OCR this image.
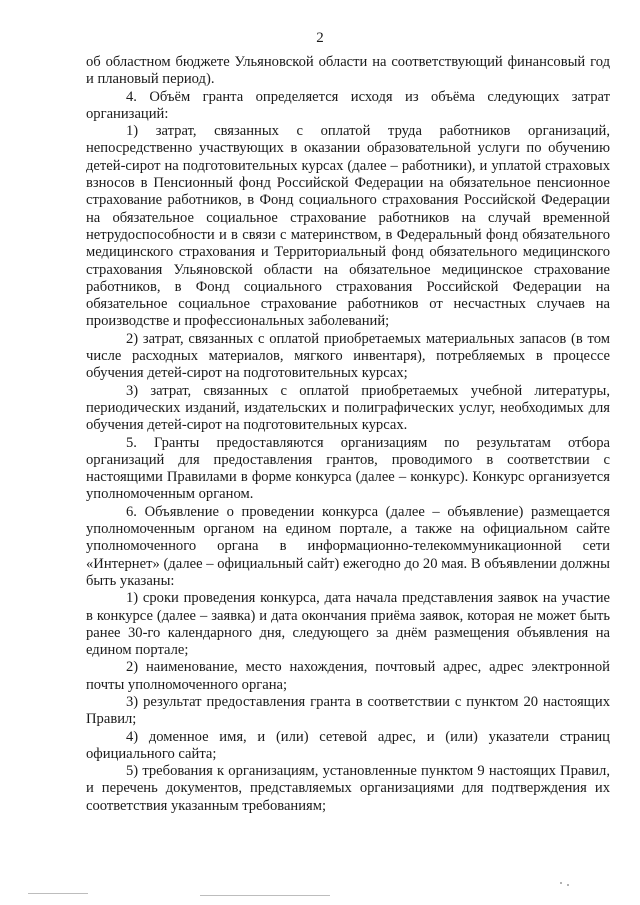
2

об областном бюджете Ульяновской области на соответствующий финансовый год и плановый период).

4. Объём гранта определяется исходя из объёма следующих затрат организаций:

1) затрат, связанных с оплатой труда работников организаций, непосредственно участвующих в оказании образовательной услуги по обучению детей-сирот на подготовительных курсах (далее – работники), и уплатой страховых взносов в Пенсионный фонд Российской Федерации на обязательное пенсионное страхование работников, в Фонд социального страхования Российской Федерации на обязательное социальное страхование работников на случай временной нетрудоспособности и в связи с материнством, в Федеральный фонд обязательного медицинского страхования и Территориальный фонд обязательного медицинского страхования Ульяновской области на обязательное медицинское страхование работников, в Фонд социального страхования Российской Федерации на обязательное социальное страхование работников от несчастных случаев на производстве и профессиональных заболеваний;

2) затрат, связанных с оплатой приобретаемых материальных запасов (в том числе расходных материалов, мягкого инвентаря), потребляемых в процессе обучения детей-сирот на подготовительных курсах;

3) затрат, связанных с оплатой приобретаемых учебной литературы, периодических изданий, издательских и полиграфических услуг, необходимых для обучения детей-сирот на подготовительных курсах.

5. Гранты предоставляются организациям по результатам отбора организаций для предоставления грантов, проводимого в соответствии с настоящими Правилами в форме конкурса (далее – конкурс). Конкурс организуется уполномоченным органом.

6. Объявление о проведении конкурса (далее – объявление) размещается уполномоченным органом на едином портале, а также на официальном сайте уполномоченного органа в информационно-телекоммуникационной сети «Интернет» (далее – официальный сайт) ежегодно до 20 мая. В объявлении должны быть указаны:

1) сроки проведения конкурса, дата начала представления заявок на участие в конкурсе (далее – заявка) и дата окончания приёма заявок, которая не может быть ранее 30-го календарного дня, следующего за днём размещения объявления на едином портале;

2) наименование, место нахождения, почтовый адрес, адрес электронной почты уполномоченного органа;

3) результат предоставления гранта в соответствии с пунктом 20 настоящих Правил;

4) доменное имя, и (или) сетевой адрес, и (или) указатели страниц официального сайта;

5) требования к организациям, установленные пунктом 9 настоящих Правил, и перечень документов, представляемых организациями для подтверждения их соответствия указанным требованиям;
